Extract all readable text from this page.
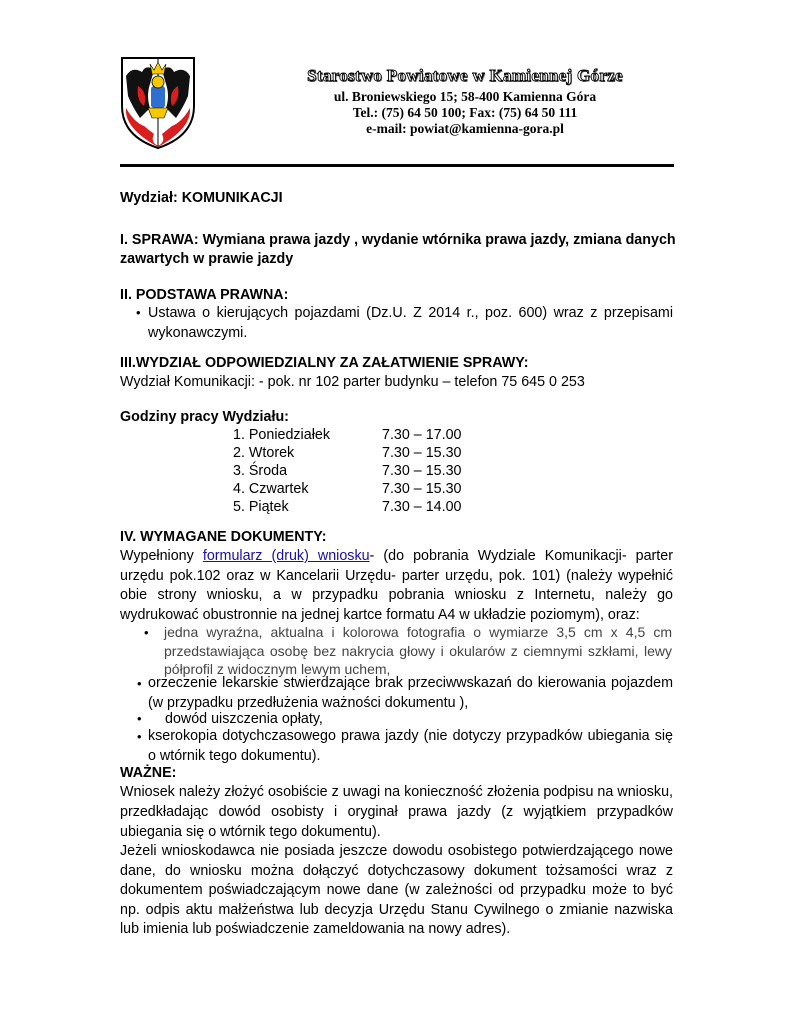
Starostwo Powiatowe w Kamiennej Górze
ul. Broniewskiego 15; 58-400 Kamienna Góra
Tel.: (75) 64 50 100; Fax: (75) 64 50 111
e-mail: powiat@kamienna-gora.pl
Wydział: KOMUNIKACJI
I. SPRAWA: Wymiana prawa jazdy , wydanie wtórnika prawa jazdy, zmiana danych
zawartych w prawie jazdy
II. PODSTAWA PRAWNA:
• Ustawa o kierujących pojazdami (Dz.U. Z 2014 r., poz. 600) wraz z przepisami wykonawczymi.
III.WYDZIAŁ ODPOWIEDZIALNY ZA ZAŁATWIENIE SPRAWY:
Wydział Komunikacji: - pok. nr 102 parter budynku – telefon 75 645 0 253
Godziny pracy Wydziału:
1. Poniedziałek	7.30 – 17.00
2. Wtorek	7.30 – 15.30
3. Środa	7.30 – 15.30
4. Czwartek	7.30 – 15.30
5. Piątek	7.30 – 14.00
IV. WYMAGANE DOKUMENTY:
Wypełniony formularz (druk) wniosku- (do pobrania Wydziale Komunikacji- parter urzędu pok.102 oraz w Kancelarii Urzędu- parter urzędu, pok. 101) (należy wypełnić obie strony wniosku, a w przypadku pobrania wniosku z Internetu, należy go wydrukować obustronnie na jednej kartce formatu A4 w układzie poziomym), oraz:
• jedna wyraźna, aktualna i kolorowa fotografia o wymiarze 3,5 cm x 4,5 cm przedstawiająca osobę bez nakrycia głowy i okularów z ciemnymi szkłami, lewy półprofil z widocznym lewym uchem,
• orzeczenie lekarskie stwierdzające brak przeciwwskazań do kierowania pojazdem (w przypadku przedłużenia ważności dokumentu ),
• dowód uiszczenia opłaty,
• kserokopia dotychczasowego prawa jazdy (nie dotyczy przypadków ubiegania się o wtórnik tego dokumentu).
WAŻNE:
Wniosek należy złożyć osobiście z uwagi na konieczność złożenia podpisu na wniosku, przedkładając dowód osobisty i oryginał prawa jazdy (z wyjątkiem przypadków ubiegania się o wtórnik tego dokumentu).
Jeżeli wnioskodawca nie posiada jeszcze dowodu osobistego potwierdzającego nowe dane, do wniosku można dołączyć dotychczasowy dokument tożsamości wraz z dokumentem poświadczającym nowe dane (w zależności od przypadku może to być np. odpis aktu małżeństwa lub decyzja Urzędu Stanu Cywilnego o zmianie nazwiska lub imienia lub poświadczenie zameldowania na nowy adres).
